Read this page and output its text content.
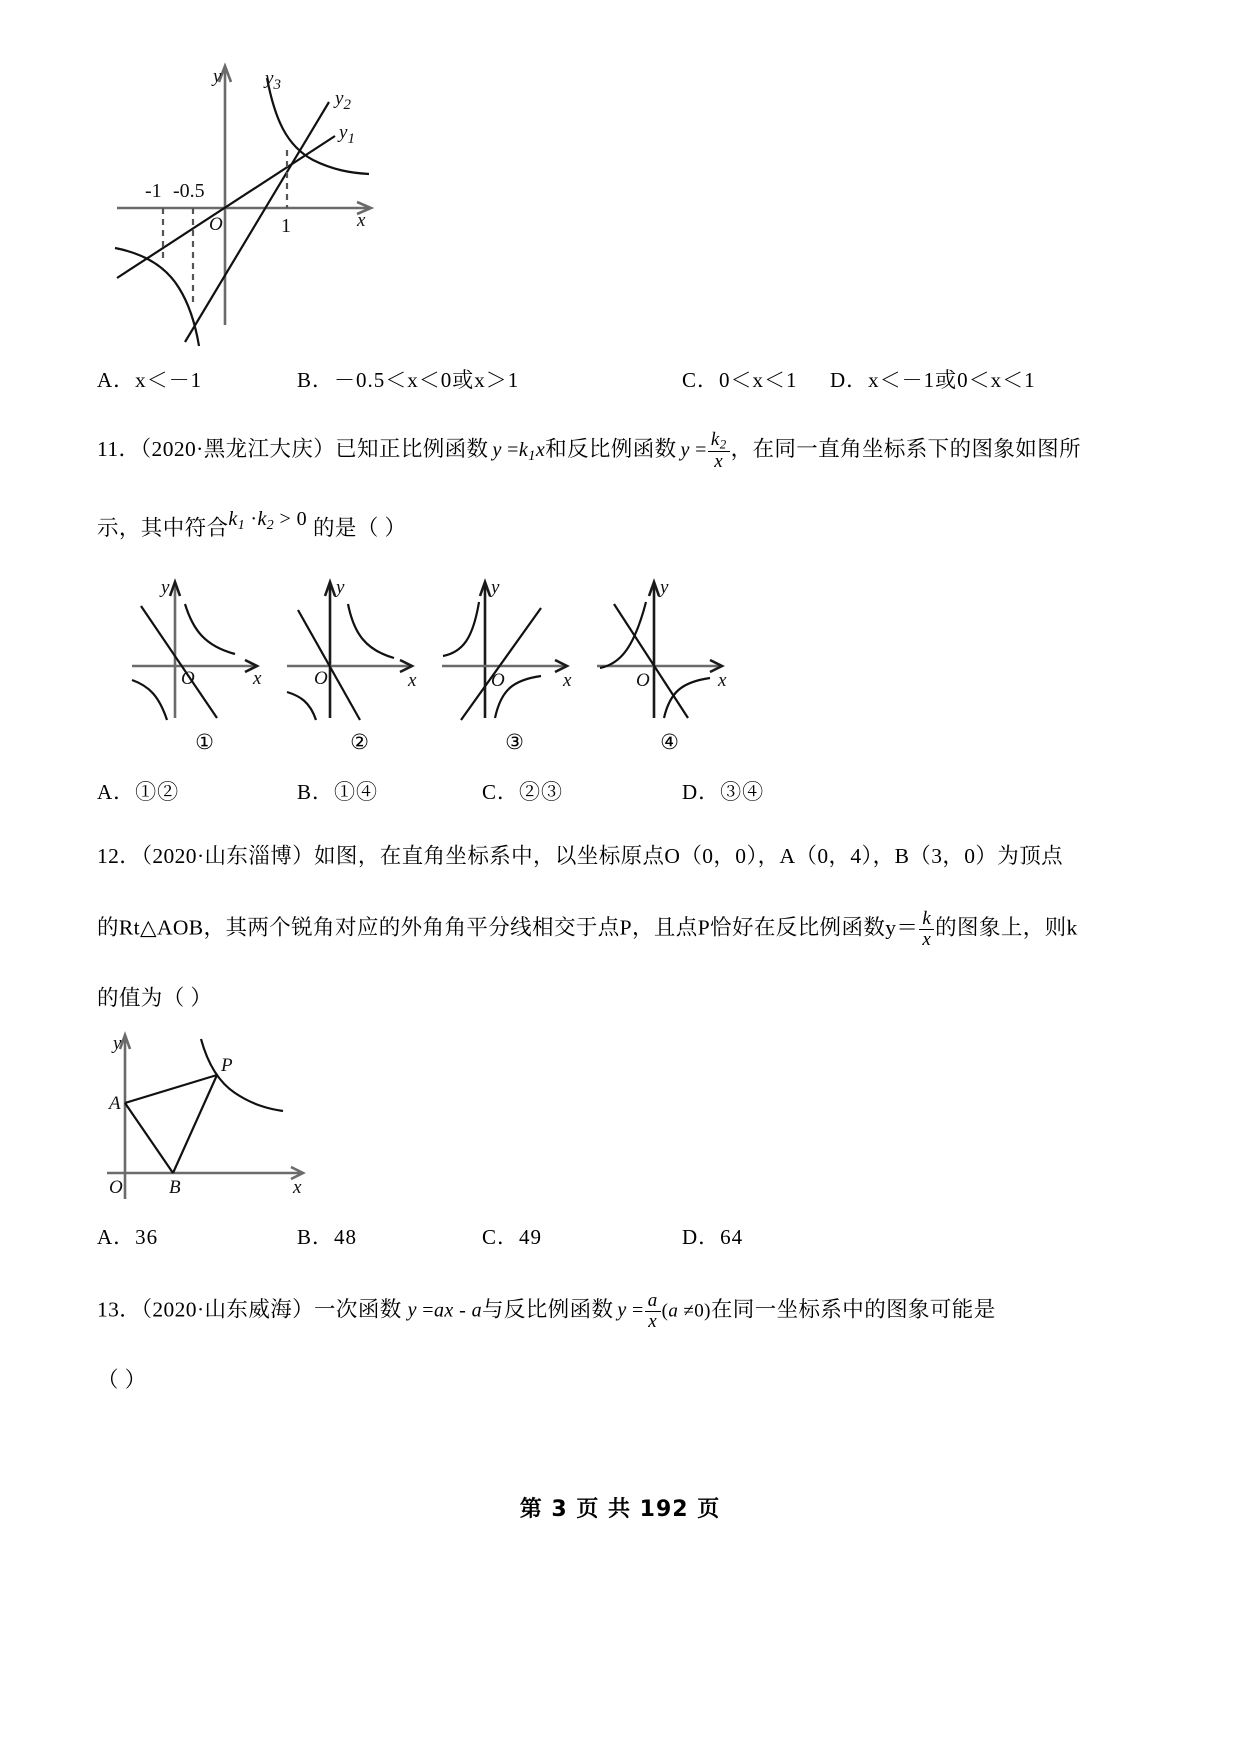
y
x
O
$y_3$
$y_2$
$y_1$
-1 -0.5
1
A．x＜－1	B．－0.5＜x＜0或x＞1	C．0＜x＜1	D．x＜－1或0＜x＜1
11．（2020·黑龙江大庆）已知正比例函数 $y =k_1x$和反比例函数 $y = \frac{k_2}{x}$ ，在同一直角坐标系下的图象如图所
示，其中符合$k_1 \cdot k_2 > 0$ 的是（ ）
y
x
O
①
y
x
O
②
y
x
O
③
y
x
O
④
A．①②	B．①④	C．②③	D．③④
12．（2020·山东淄博）如图，在直角坐标系中，以坐标原点O（0，0），A（0，4），B（3，0）为顶点
的Rt△AOB，其两个锐角对应的外角角平分线相交于点P，且点P恰好在反比例函数$y= \frac{k}{x}$ 的图象上，则k
的值为（ ）
y
x
O
A
B
P
A．36	B．48	C．49	D．64
13．（2020·山东威海）一次函数 y =ax - a与反比例函数 $y = \frac{a}{x} (a \ne 0)$在同一坐标系中的图象可能是
（ ）
第 3 页 共 192 页
